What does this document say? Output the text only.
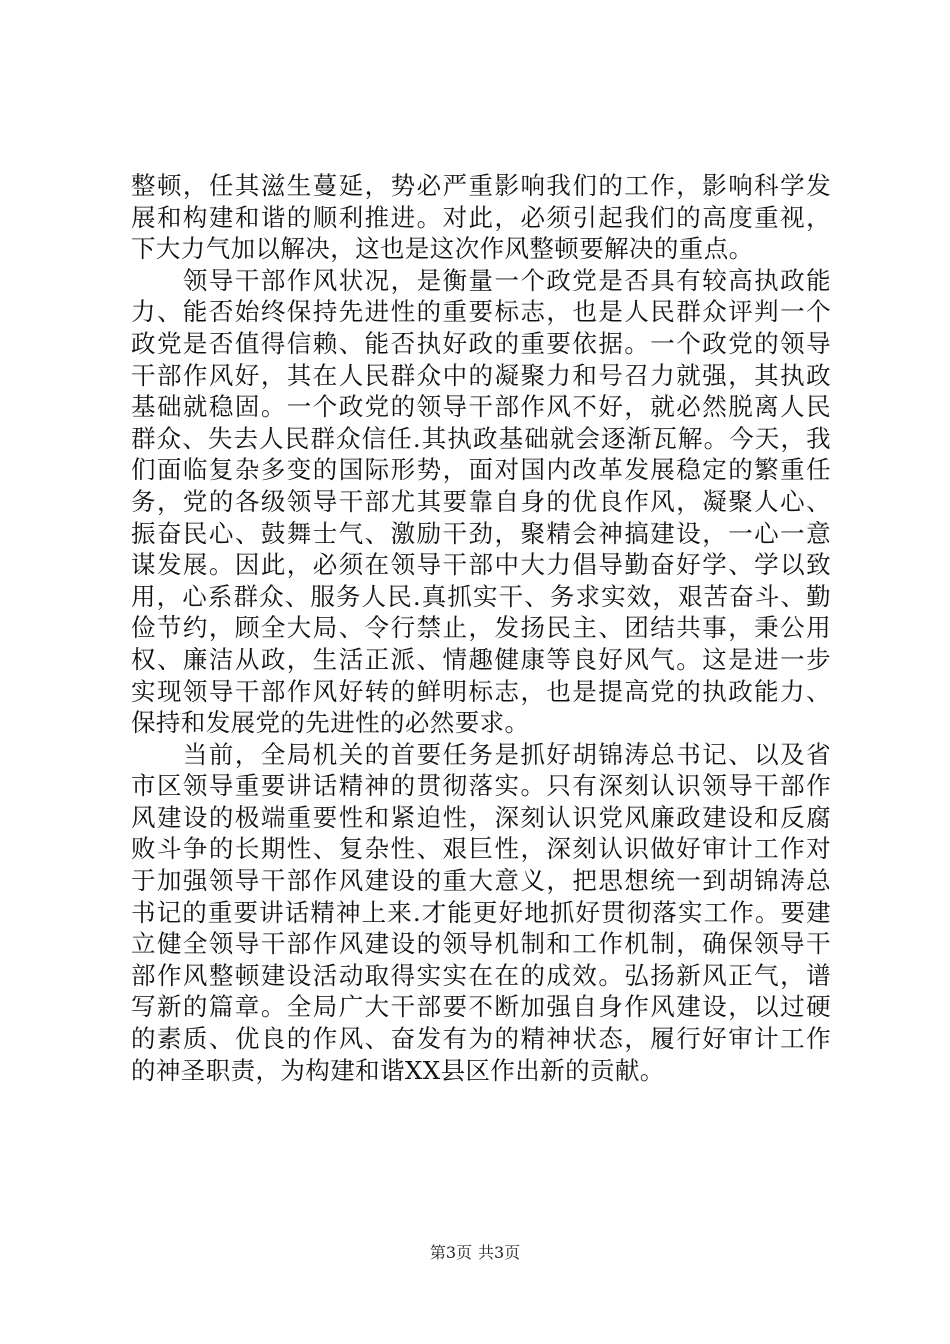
整顿，任其滋生蔓延，势必严重影响我们的工作，影响科学发
展和构建和谐的顺利推进。对此，必须引起我们的高度重视，
下大力气加以解决，这也是这次作风整顿要解决的重点。
　　领导干部作风状况，是衡量一个政党是否具有较高执政能
力、能否始终保持先进性的重要标志，也是人民群众评判一个
政党是否值得信赖、能否执好政的重要依据。一个政党的领导
干部作风好，其在人民群众中的凝聚力和号召力就强，其执政
基础就稳固。一个政党的领导干部作风不好，就必然脱离人民
群众、失去人民群众信任.其执政基础就会逐渐瓦解。今天，我
们面临复杂多变的国际形势，面对国内改革发展稳定的繁重任
务，党的各级领导干部尤其要靠自身的优良作风，凝聚人心、
振奋民心、鼓舞士气、激励干劲，聚精会神搞建设，一心一意
谋发展。因此，必须在领导干部中大力倡导勤奋好学、学以致
用，心系群众、服务人民.真抓实干、务求实效，艰苦奋斗、勤
俭节约，顾全大局、令行禁止，发扬民主、团结共事，秉公用
权、廉洁从政，生活正派、情趣健康等良好风气。这是进一步
实现领导干部作风好转的鲜明标志，也是提高党的执政能力、
保持和发展党的先进性的必然要求。
　　当前，全局机关的首要任务是抓好胡锦涛总书记、以及省
市区领导重要讲话精神的贯彻落实。只有深刻认识领导干部作
风建设的极端重要性和紧迫性，深刻认识党风廉政建设和反腐
败斗争的长期性、复杂性、艰巨性，深刻认识做好审计工作对
于加强领导干部作风建设的重大意义，把思想统一到胡锦涛总
书记的重要讲话精神上来.才能更好地抓好贯彻落实工作。要建
立健全领导干部作风建设的领导机制和工作机制，确保领导干
部作风整顿建设活动取得实实在在的成效。弘扬新风正气，谱
写新的篇章。全局广大干部要不断加强自身作风建设，以过硬
的素质、优良的作风、奋发有为的精神状态，履行好审计工作
的神圣职责，为构建和谐XX县区作出新的贡献。
第3页 共3页
